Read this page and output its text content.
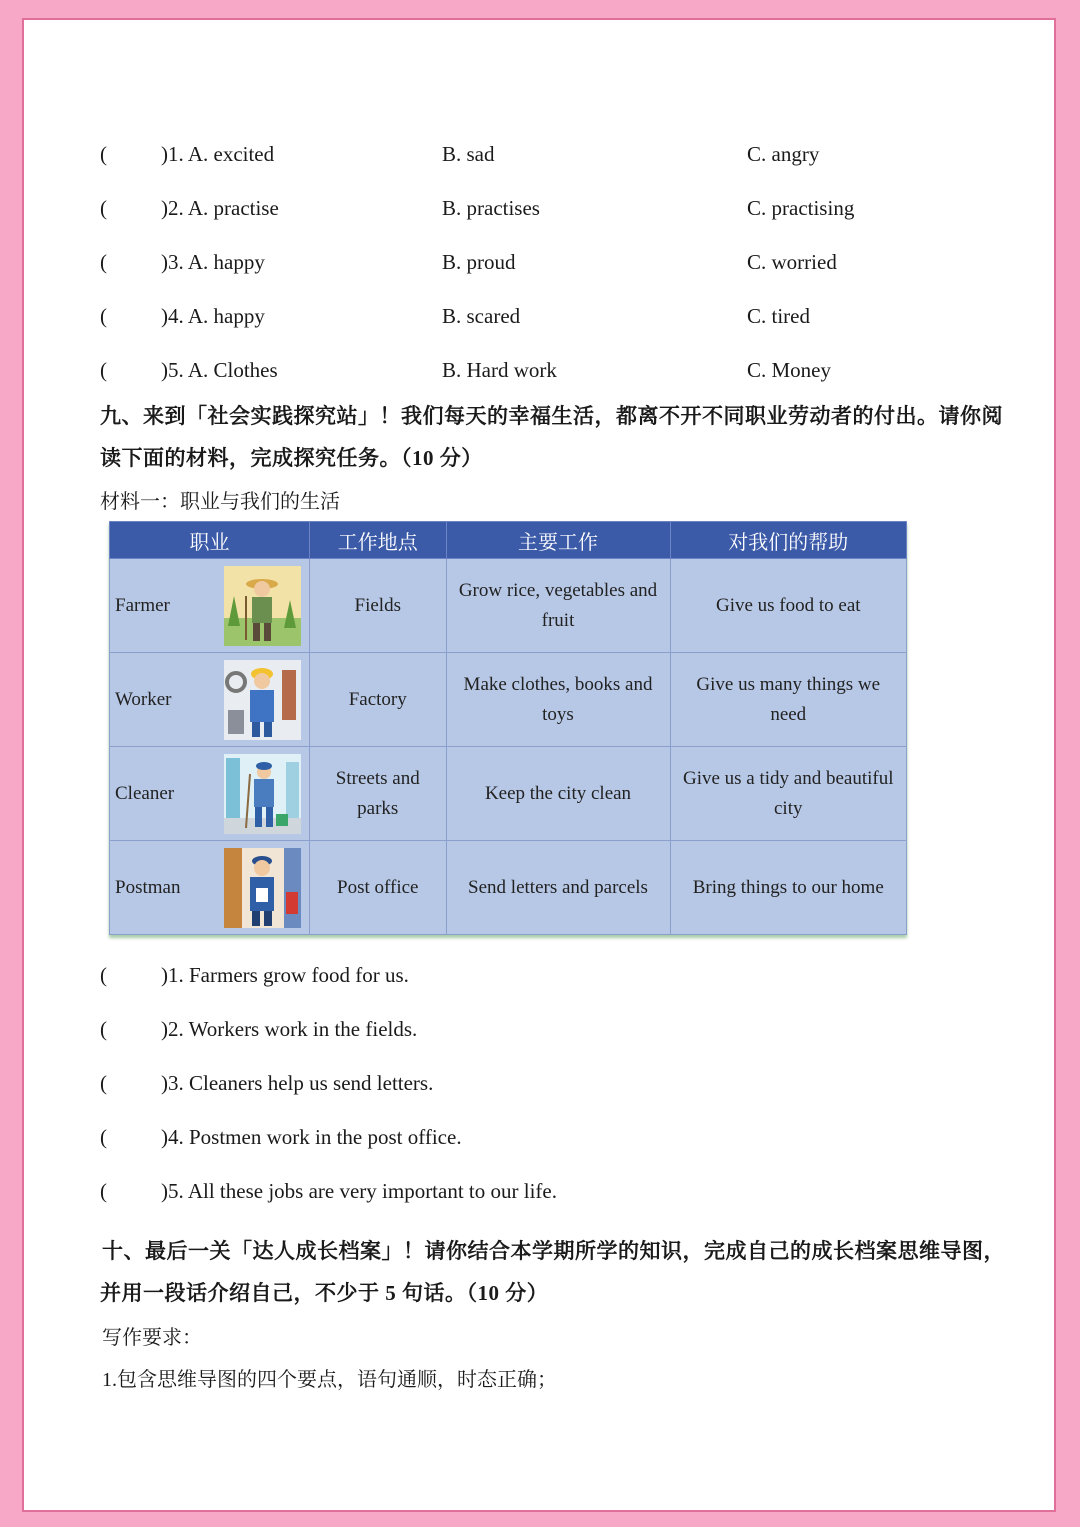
(	)1. A. excited	B. sad	C. angry
(	)2. A. practise	B. practises	C. practising
(	)3. A. happy	B. proud	C. worried
(	)4. A. happy	B. scared	C. tired
(	)5. A. Clothes	B. Hard work	C. Money
九、来到「社会实践探究站」！我们每天的幸福生活，都离不开不同职业劳动者的付出。请你阅
读下面的材料，完成探究任务。（10 分）
材料一：职业与我们的生活
职业	工作地点	主要工作	对我们的帮助

Farmer	Fields	Grow rice, vegetables and fruit	Give us food to eat

Worker	Factory	Make clothes, books and toys	Give us many things we need

Cleaner	Streets and parks	Keep the city clean	Give us a tidy and beautiful city

Postman	Post office	Send letters and parcels	Bring things to our home
(	)1. Farmers grow food for us.
(	)2. Workers work in the fields.
(	)3. Cleaners help us send letters.
(	)4. Postmen work in the post office.
(	)5. All these jobs are very important to our life.
十、最后一关「达人成长档案」！请你结合本学期所学的知识，完成自己的成长档案思维导图，
并用一段话介绍自己，不少于 5 句话。（10 分）
写作要求：
1.包含思维导图的四个要点，语句通顺，时态正确；
